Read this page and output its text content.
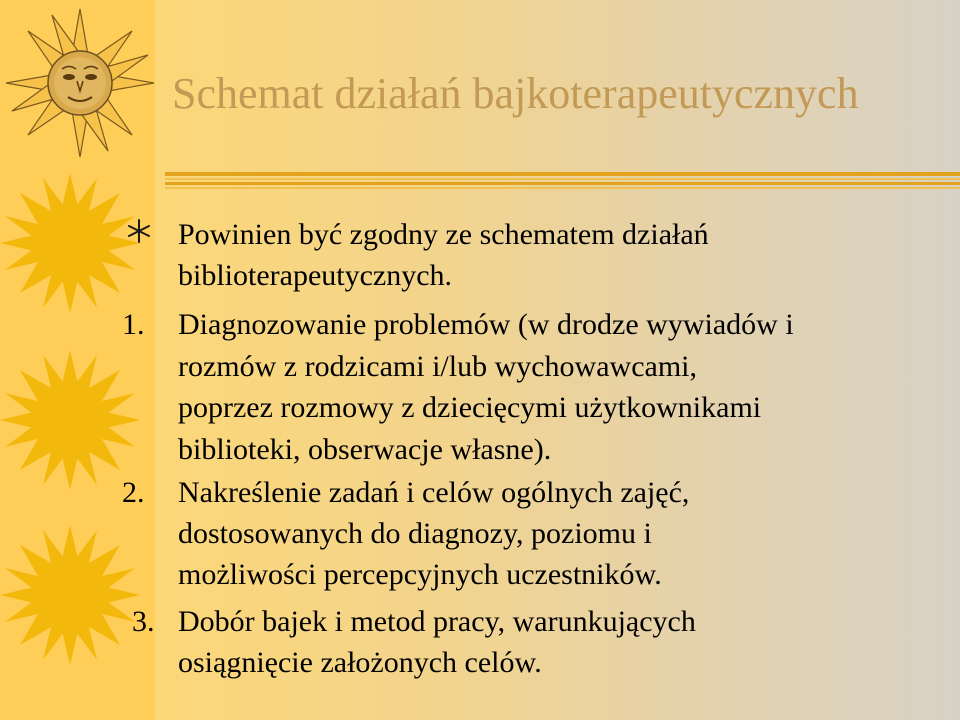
Schemat działań bajkoterapeutycznych
Powinien być zgodny ze schematem działań
biblioterapeutycznych.
1. Diagnozowanie problemów (w drodze wywiadów i
rozmów z rodzicami i/lub wychowawcami,
poprzez rozmowy z dziecięcymi użytkownikami
biblioteki, obserwacje własne).
2. Nakreślenie zadań i celów ogólnych zajęć,
dostosowanych do diagnozy, poziomu i
możliwości percepcyjnych uczestników.
3. Dobór bajek i metod pracy, warunkujących
osiągnięcie założonych celów.
